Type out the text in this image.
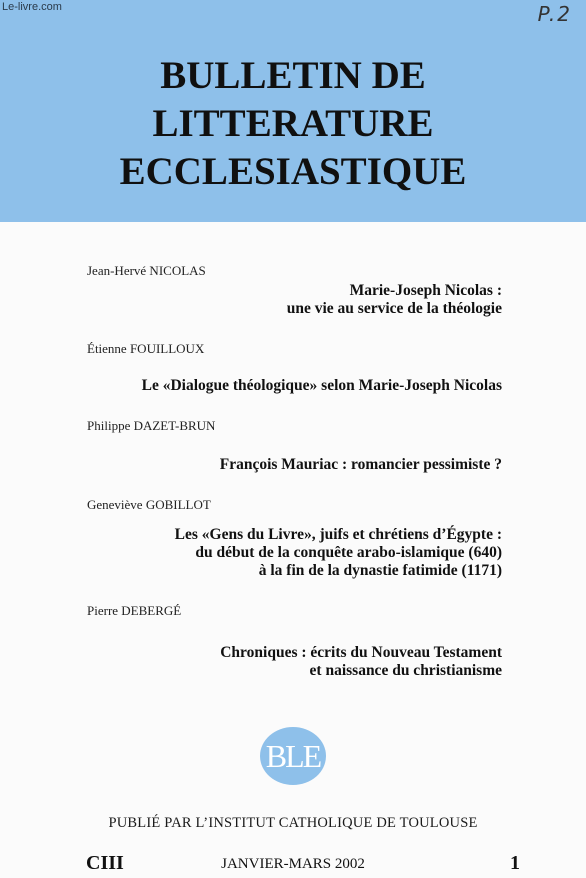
Le-livre.com	P.2
BULLETIN DE
LITTERATURE
ECCLESIASTIQUE
Jean-Hervé NICOLAS
Marie-Joseph Nicolas :
une vie au service de la théologie
Étienne FOUILLOUX
Le «Dialogue théologique» selon Marie-Joseph Nicolas
Philippe DAZET-BRUN
François Mauriac : romancier pessimiste ?
Geneviève GOBILLOT
Les «Gens du Livre», juifs et chrétiens d’Égypte :
du début de la conquête arabo-islamique (640)
à la fin de la dynastie fatimide (1171)
Pierre DEBERGÉ
Chroniques : écrits du Nouveau Testament
et naissance du christianisme
BLE
PUBLIÉ PAR L’INSTITUT CATHOLIQUE DE TOULOUSE
CIII	JANVIER-MARS 2002	1
